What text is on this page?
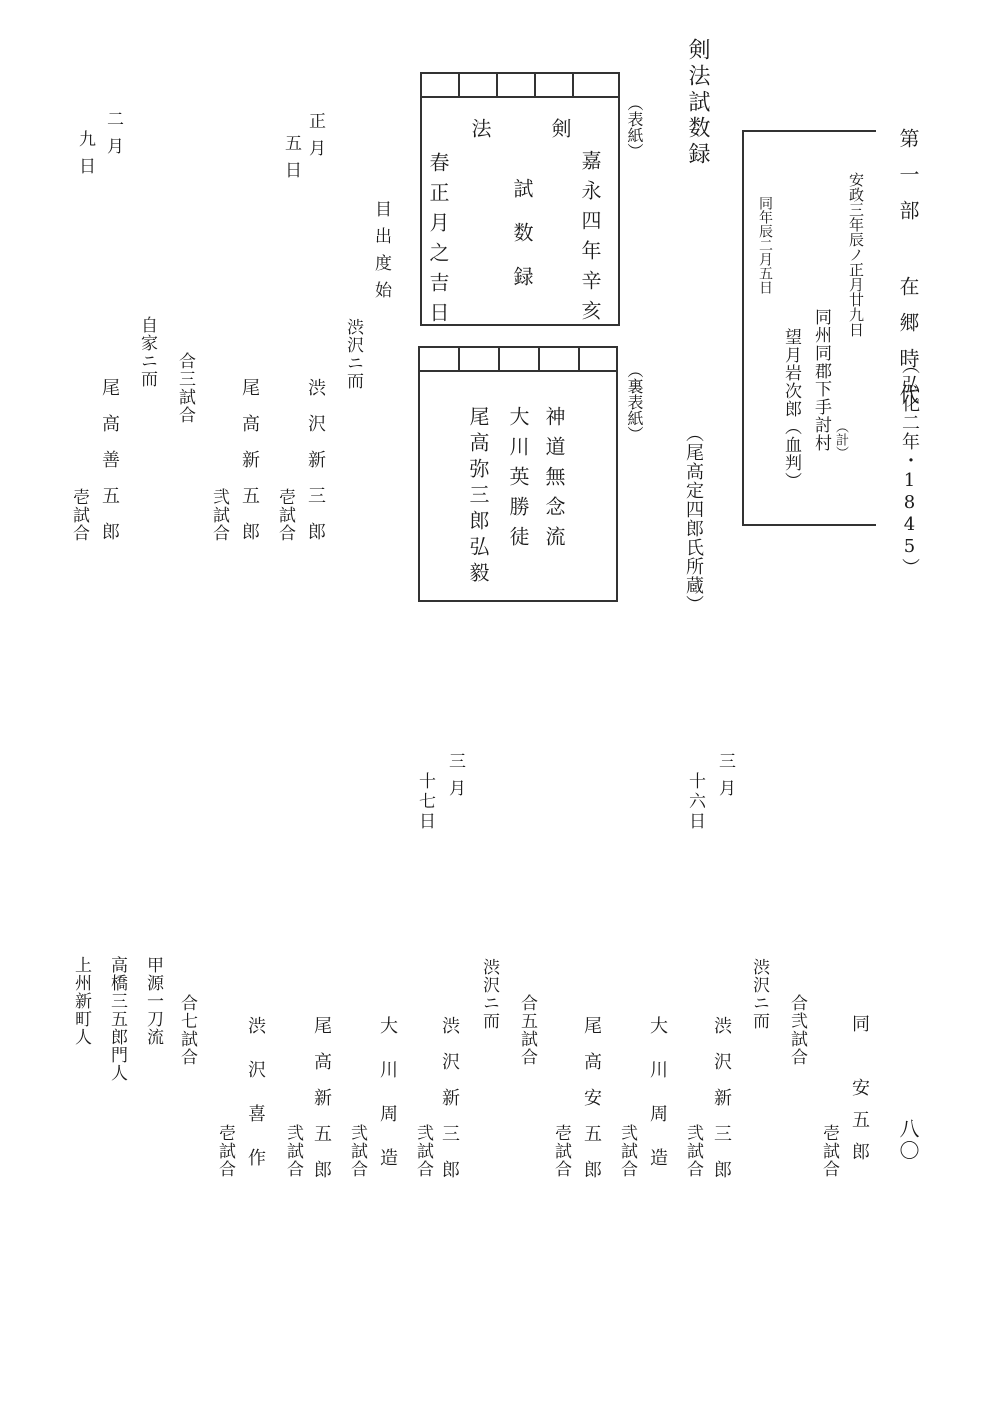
第一部 在郷時代
（弘化二年・1845）
八〇
安政三年辰ノ正月廿九日
同州同郡下手討村 （計）
望月岩次郎（血判）
同年辰二月五日
剣法試数録
（表紙）
（裏表紙）
（尾高定四郎氏所蔵）
剣
嘉永四年辛亥
試
数
録
法
春正月之吉日
神道無念流
大川英勝徒
尾高弥三郎弘毅
目出度始
正月
五日
渋沢ニ而
渋沢新三郎
壱試合
尾高新五郎
弐試合
合三試合
二月
九日
自家ニ而
尾高善五郎
壱試合
同　安五郎
壱試合
三月
十六日
合弐試合
渋沢ニ而
渋沢新三郎
弐試合
大川周造
弐試合
尾高安五郎
壱試合
三月
十七日
合五試合
渋沢ニ而
渋沢新三郎
弐試合
大川周造
弐試合
尾高新五郎
弐試合
渋沢喜作
壱試合
合七試合
甲源一刀流
高橋三五郎門人
上州新町人
